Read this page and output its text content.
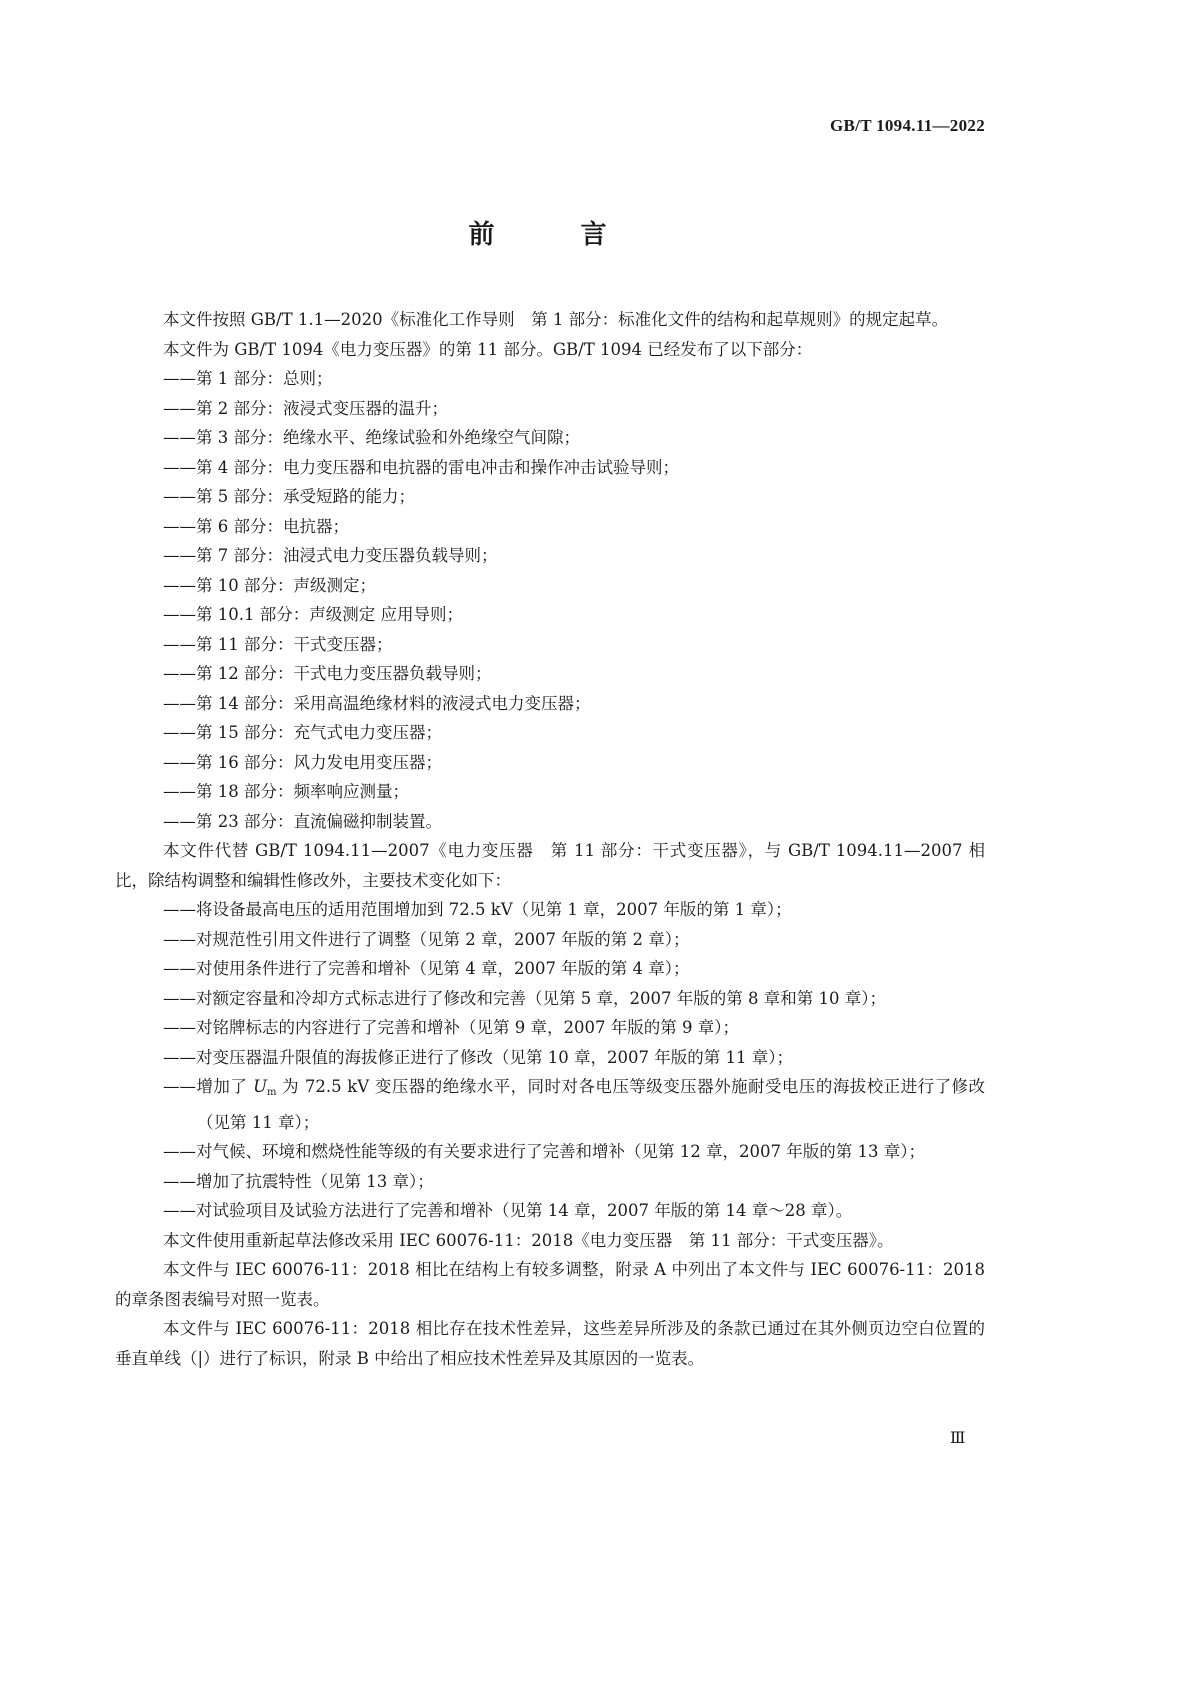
GB/T 1094.11—2022
前　言

本文件按照 GB/T 1.1—2020《标准化工作导则　第 1 部分：标准化文件的结构和起草规则》的规定起草。

本文件为 GB/T 1094《电力变压器》的第 11 部分。GB/T 1094 已经发布了以下部分：

——第 1 部分：总则；

——第 2 部分：液浸式变压器的温升；

——第 3 部分：绝缘水平、绝缘试验和外绝缘空气间隙；

——第 4 部分：电力变压器和电抗器的雷电冲击和操作冲击试验导则；

——第 5 部分：承受短路的能力；

——第 6 部分：电抗器；

——第 7 部分：油浸式电力变压器负载导则；

——第 10 部分：声级测定；

——第 10.1 部分：声级测定 应用导则；

——第 11 部分：干式变压器；

——第 12 部分：干式电力变压器负载导则；

——第 14 部分：采用高温绝缘材料的液浸式电力变压器；

——第 15 部分：充气式电力变压器；

——第 16 部分：风力发电用变压器；

——第 18 部分：频率响应测量；

——第 23 部分：直流偏磁抑制装置。

本文件代替 GB/T 1094.11—2007《电力变压器　第 11 部分：干式变压器》，与 GB/T 1094.11—2007 相比，除结构调整和编辑性修改外，主要技术变化如下：

——将设备最高电压的适用范围增加到 72.5 kV（见第 1 章，2007 年版的第 1 章）；

——对规范性引用文件进行了调整（见第 2 章，2007 年版的第 2 章）；

——对使用条件进行了完善和增补（见第 4 章，2007 年版的第 4 章）；

——对额定容量和冷却方式标志进行了修改和完善（见第 5 章，2007 年版的第 8 章和第 10 章）；

——对铭牌标志的内容进行了完善和增补（见第 9 章，2007 年版的第 9 章）；

——对变压器温升限值的海拔修正进行了修改（见第 10 章，2007 年版的第 11 章）；

——增加了 $U_m$ 为 72.5 kV 变压器的绝缘水平，同时对各电压等级变压器外施耐受电压的海拔校正进行了修改（见第 11 章）；

——对气候、环境和燃烧性能等级的有关要求进行了完善和增补（见第 12 章，2007 年版的第 13 章）；

——增加了抗震特性（见第 13 章）；

——对试验项目及试验方法进行了完善和增补（见第 14 章，2007 年版的第 14 章～28 章）。

本文件使用重新起草法修改采用 IEC 60076-11：2018《电力变压器　第 11 部分：干式变压器》。

本文件与 IEC 60076-11：2018 相比在结构上有较多调整，附录 A 中列出了本文件与 IEC 60076-11：2018 的章条图表编号对照一览表。

本文件与 IEC 60076-11：2018 相比存在技术性差异，这些差异所涉及的条款已通过在其外侧页边空白位置的垂直单线（|）进行了标识，附录 B 中给出了相应技术性差异及其原因的一览表。

Ⅲ
